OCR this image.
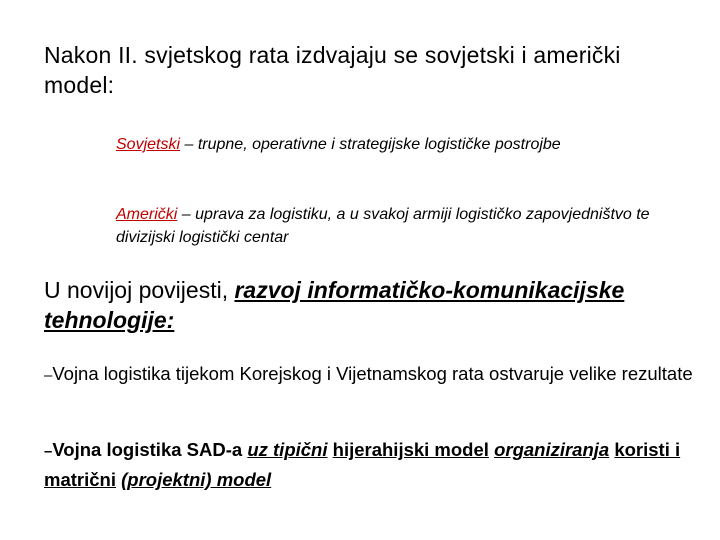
Nakon II. svjetskog rata izdvajaju se sovjetski i američki model:

Sovjetski – trupne, operativne i strategijske logističke postrojbe

Američki – uprava za logistiku, a u svakoj armiji logističko zapovjedništvo te divizijski logistički centar

U novijoj povijesti, razvoj informatičko-komunikacijske tehnologije:

–Vojna logistika tijekom Korejskog i Vijetnamskog rata ostvaruje velike rezultate

–Vojna logistika SAD-a uz tipični hijerahijski model organiziranja koristi i matrični (projektni) model
